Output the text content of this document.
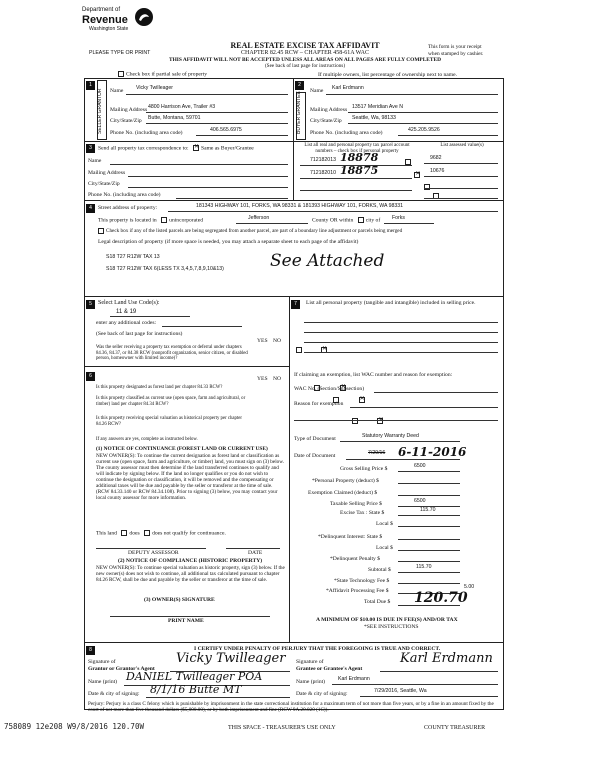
Department of
Revenue
Washington State
PLEASE TYPE OR PRINT
REAL ESTATE EXCISE TAX AFFIDAVIT
CHAPTER 82.45 RCW – CHAPTER 458-61A WAC
THIS AFFIDAVIT WILL NOT BE ACCEPTED UNLESS ALL AREAS ON ALL PAGES ARE FULLY COMPLETED
(See back of last page for instructions)
This form is your receipt
when stamped by cashier.
Check box if partial sale of property	If multiple owners, list percentage of ownership next to name.
1
SELLER GRANTOR Name Vicky Twilleager
Mailing Address 4800 Harrison Ave, Trailer #3
City/State/Zip Butte, Montana, 59701
Phone No. (including area code)	406.565.6975
2
BUYER GRANTEE
Name Karl Erdmann
Mailing Address 13517 Meridian Ave N
City/State/Zip Seattle, Wa, 98133
Phone No. (including area code)	425.205.9526
3	Send all property tax correspondence to: ✕ Same as Buyer/Grantee
Name
Mailing Address
City/State/Zip
Phone No. (including area code)
List all real and personal property tax parcel account numbers – check box if personal property
List assessed value(s)
712182013 18878
	9682
712182010 18875
✕	10676

4	Street address of property:	181343 HIGHWAY 101, FORKS, WA 98331 & 181393 HIGHWAY 101, FORKS, WA 98331
This property is located in unincorporated	Jefferson	County OR within city of Forks
Check box if any of the listed parcels are being segregated from another parcel, are part of a boundary line adjustment or parcels being merged
Legal description of property (if more space is needed, you may attach a separate sheet to each page of the affidavit)
S18 T27 R12W TAX 13
S18 T27 R12W TAX 6(LESS TX 3,4,5,7,8,9,10&13)	See Attached
5	Select Land Use Code(s):
11 & 19
enter any additional codes:
(See back of last page for instructions)
YES NO
Was the seller receiving a property tax exemption or deferral under chapters 84.36, 84.37, or 84.38 RCW (nonprofit organization, senior citizen, or disabled person, homeowner with limited income)?
✕
6	YES NO
Is this property designated as forest land per chapter 84.33 RCW?
✕
Is this property classified as current use (open space, farm and agricultural, or timber) land per chapter 84.34 RCW?
✕
Is this property receiving special valuation as historical property per chapter 84.26 RCW?
✕
If any answers are yes, complete as instructed below.
(1) NOTICE OF CONTINUANCE (FOREST LAND OR CURRENT USE)
NEW OWNER(S): To continue the current designation as forest land or classification as current use (open space, farm and agriculture, or timber) land, you must sign on (3) below. The county assessor must then determine if the land transferred continues to qualify and will indicate by signing below. If the land no longer qualifies or you do not wish to continue the designation or classification, it will be removed and the compensating or additional taxes will be due and payable by the seller or transferor at the time of sale. (RCW 84.33.140 or RCW 84.34.108). Prior to signing (3) below, you may contact your local county assessor for more information.
This land does does not qualify for continuance.
DEPUTY ASSESSOR	DATE
(2) NOTICE OF COMPLIANCE (HISTORIC PROPERTY)
NEW OWNER(S): To continue special valuation as historic property, sign (3) below. If the new owner(s) does not wish to continue, all additional tax calculated pursuant to chapter 84.26 RCW, shall be due and payable by the seller or transferor at the time of sale.
(3) OWNER(S) SIGNATURE
PRINT NAME
7	List all personal property (tangible and intangible) included in selling price.
If claiming an exemption, list WAC number and reason for exemption:
WAC No. (Section/Subsection)
Reason for exemption
Type of Document	Statutory Warranty Deed
Date of Document	7/29/16 6-11-2016
Gross Selling Price $	6500
*Personal Property (deduct) $
Exemption Claimed (deduct) $
Taxable Selling Price $	6500
Excise Tax : State $	115.70
Local $
*Delinquent Interest: State $
Local $
*Delinquent Penalty $
Subtotal $	115.70
*State Technology Fee $
*Affidavit Processing Fee $
5.00
Total Due $ 120.70
A MINIMUM OF $10.00 IS DUE IN FEE(S) AND/OR TAX
*SEE INSTRUCTIONS
8	I CERTIFY UNDER PENALTY OF PERJURY THAT THE FOREGOING IS TRUE AND CORRECT.
Signature of
Grantor or Grantor's Agent
Vicky Twilleager
Name (print) DANIEL Twilleager POA
Date & city of signing: 8/1/16 Butte MT
Signature of
Grantee or Grantee's Agent
Karl Erdmann
Name (print) Karl Erdmann
Date & city of signing:	7/29/2016, Seattle, Wa
Perjury: Perjury is a class C felony which is punishable by imprisonment in the state correctional institution for a maximum term of not more than five years, or by a fine in an amount fixed by the court of not more than five thousand dollars ($5,000.00), or by both imprisonment and fine (RCW 9A.20.020 (1C)).
758089 12e208 W9/8/2016 120.70W	THIS SPACE - TREASURER'S USE ONLY	COUNTY TREASURER
